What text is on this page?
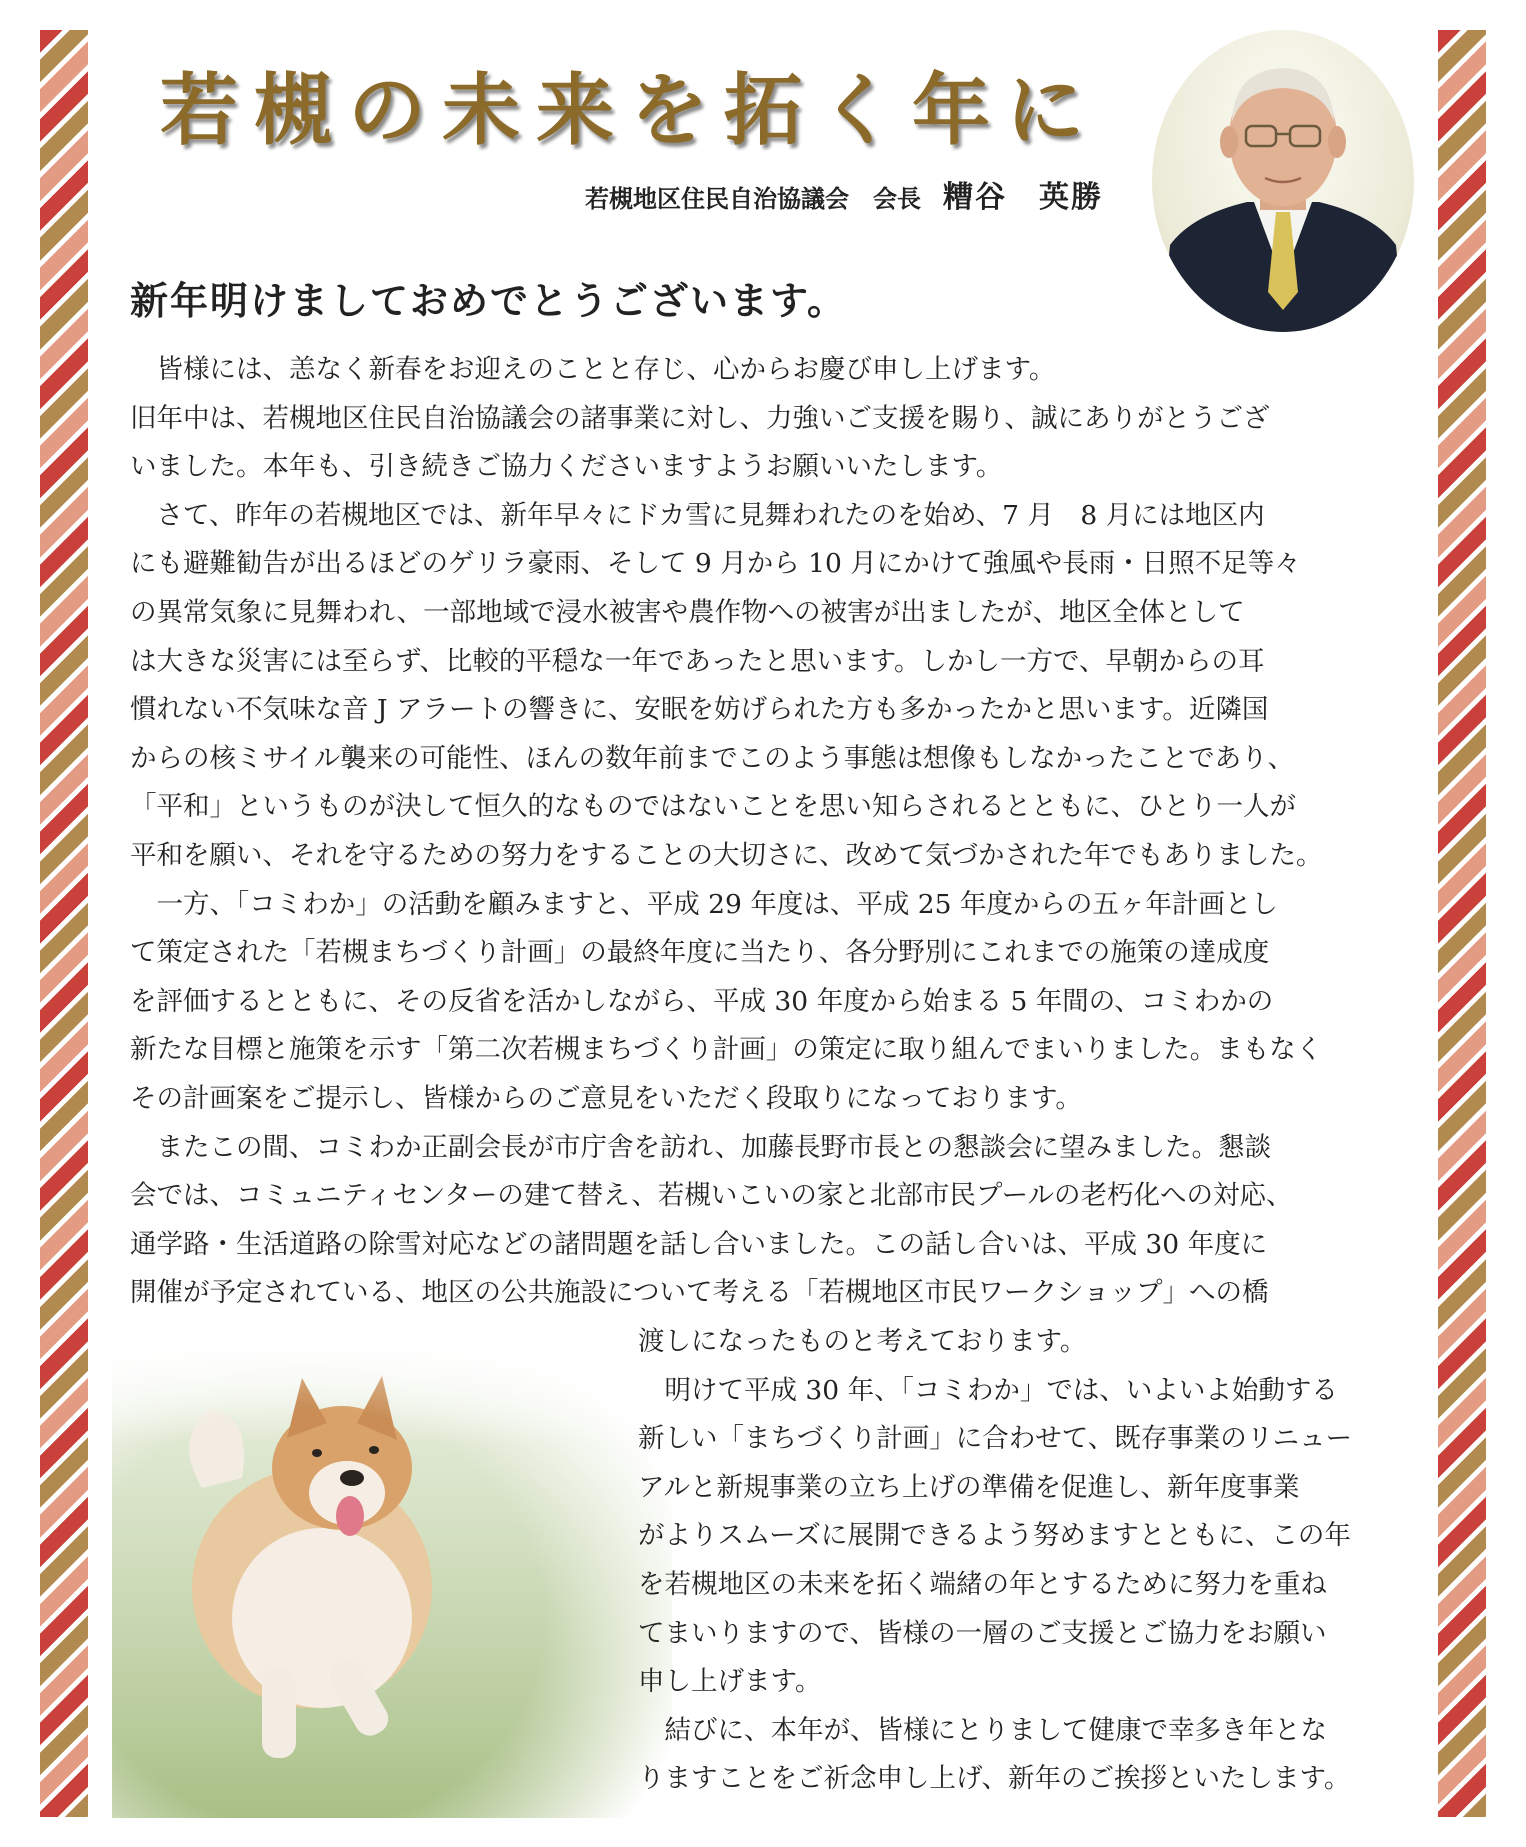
若槻の未来を拓く年に
若槻地区住民自治協議会　会長 糟谷　英勝
新年明けましておめでとうございます。
　皆様には、恙なく新春をお迎えのことと存じ、心からお慶び申し上げます。
旧年中は、若槻地区住民自治協議会の諸事業に対し、力強いご支援を賜り、誠にありがとうござ
いました。本年も、引き続きご協力くださいますようお願いいたします。
　さて、昨年の若槻地区では、新年早々にドカ雪に見舞われたのを始め、7 月　8 月には地区内
にも避難勧告が出るほどのゲリラ豪雨、そして 9 月から 10 月にかけて強風や長雨・日照不足等々
の異常気象に見舞われ、一部地域で浸水被害や農作物への被害が出ましたが、地区全体として
は大きな災害には至らず、比較的平穏な一年であったと思います。しかし一方で、早朝からの耳
慣れない不気味な音 J アラートの響きに、安眠を妨げられた方も多かったかと思います。近隣国
からの核ミサイル襲来の可能性、ほんの数年前までこのよう事態は想像もしなかったことであり、
「平和」というものが決して恒久的なものではないことを思い知らされるとともに、ひとり一人が
平和を願い、それを守るための努力をすることの大切さに、改めて気づかされた年でもありました。
　一方、「コミわか」の活動を顧みますと、平成 29 年度は、平成 25 年度からの五ヶ年計画とし
て策定された「若槻まちづくり計画」の最終年度に当たり、各分野別にこれまでの施策の達成度
を評価するとともに、その反省を活かしながら、平成 30 年度から始まる 5 年間の、コミわかの
新たな目標と施策を示す「第二次若槻まちづくり計画」の策定に取り組んでまいりました。まもなく
その計画案をご提示し、皆様からのご意見をいただく段取りになっております。
　またこの間、コミわか正副会長が市庁舎を訪れ、加藤長野市長との懇談会に望みました。懇談
会では、コミュニティセンターの建て替え、若槻いこいの家と北部市民プールの老朽化への対応、
通学路・生活道路の除雪対応などの諸問題を話し合いました。この話し合いは、平成 30 年度に
開催が予定されている、地区の公共施設について考える「若槻地区市民ワークショップ」への橋
渡しになったものと考えております。
　明けて平成 30 年、「コミわか」では、いよいよ始動する
新しい「まちづくり計画」に合わせて、既存事業のリニュー
アルと新規事業の立ち上げの準備を促進し、新年度事業
がよりスムーズに展開できるよう努めますとともに、この年
を若槻地区の未来を拓く端緒の年とするために努力を重ね
てまいりますので、皆様の一層のご支援とご協力をお願い
申し上げます。
　結びに、本年が、皆様にとりまして健康で幸多き年とな
りますことをご祈念申し上げ、新年のご挨拶といたします。
